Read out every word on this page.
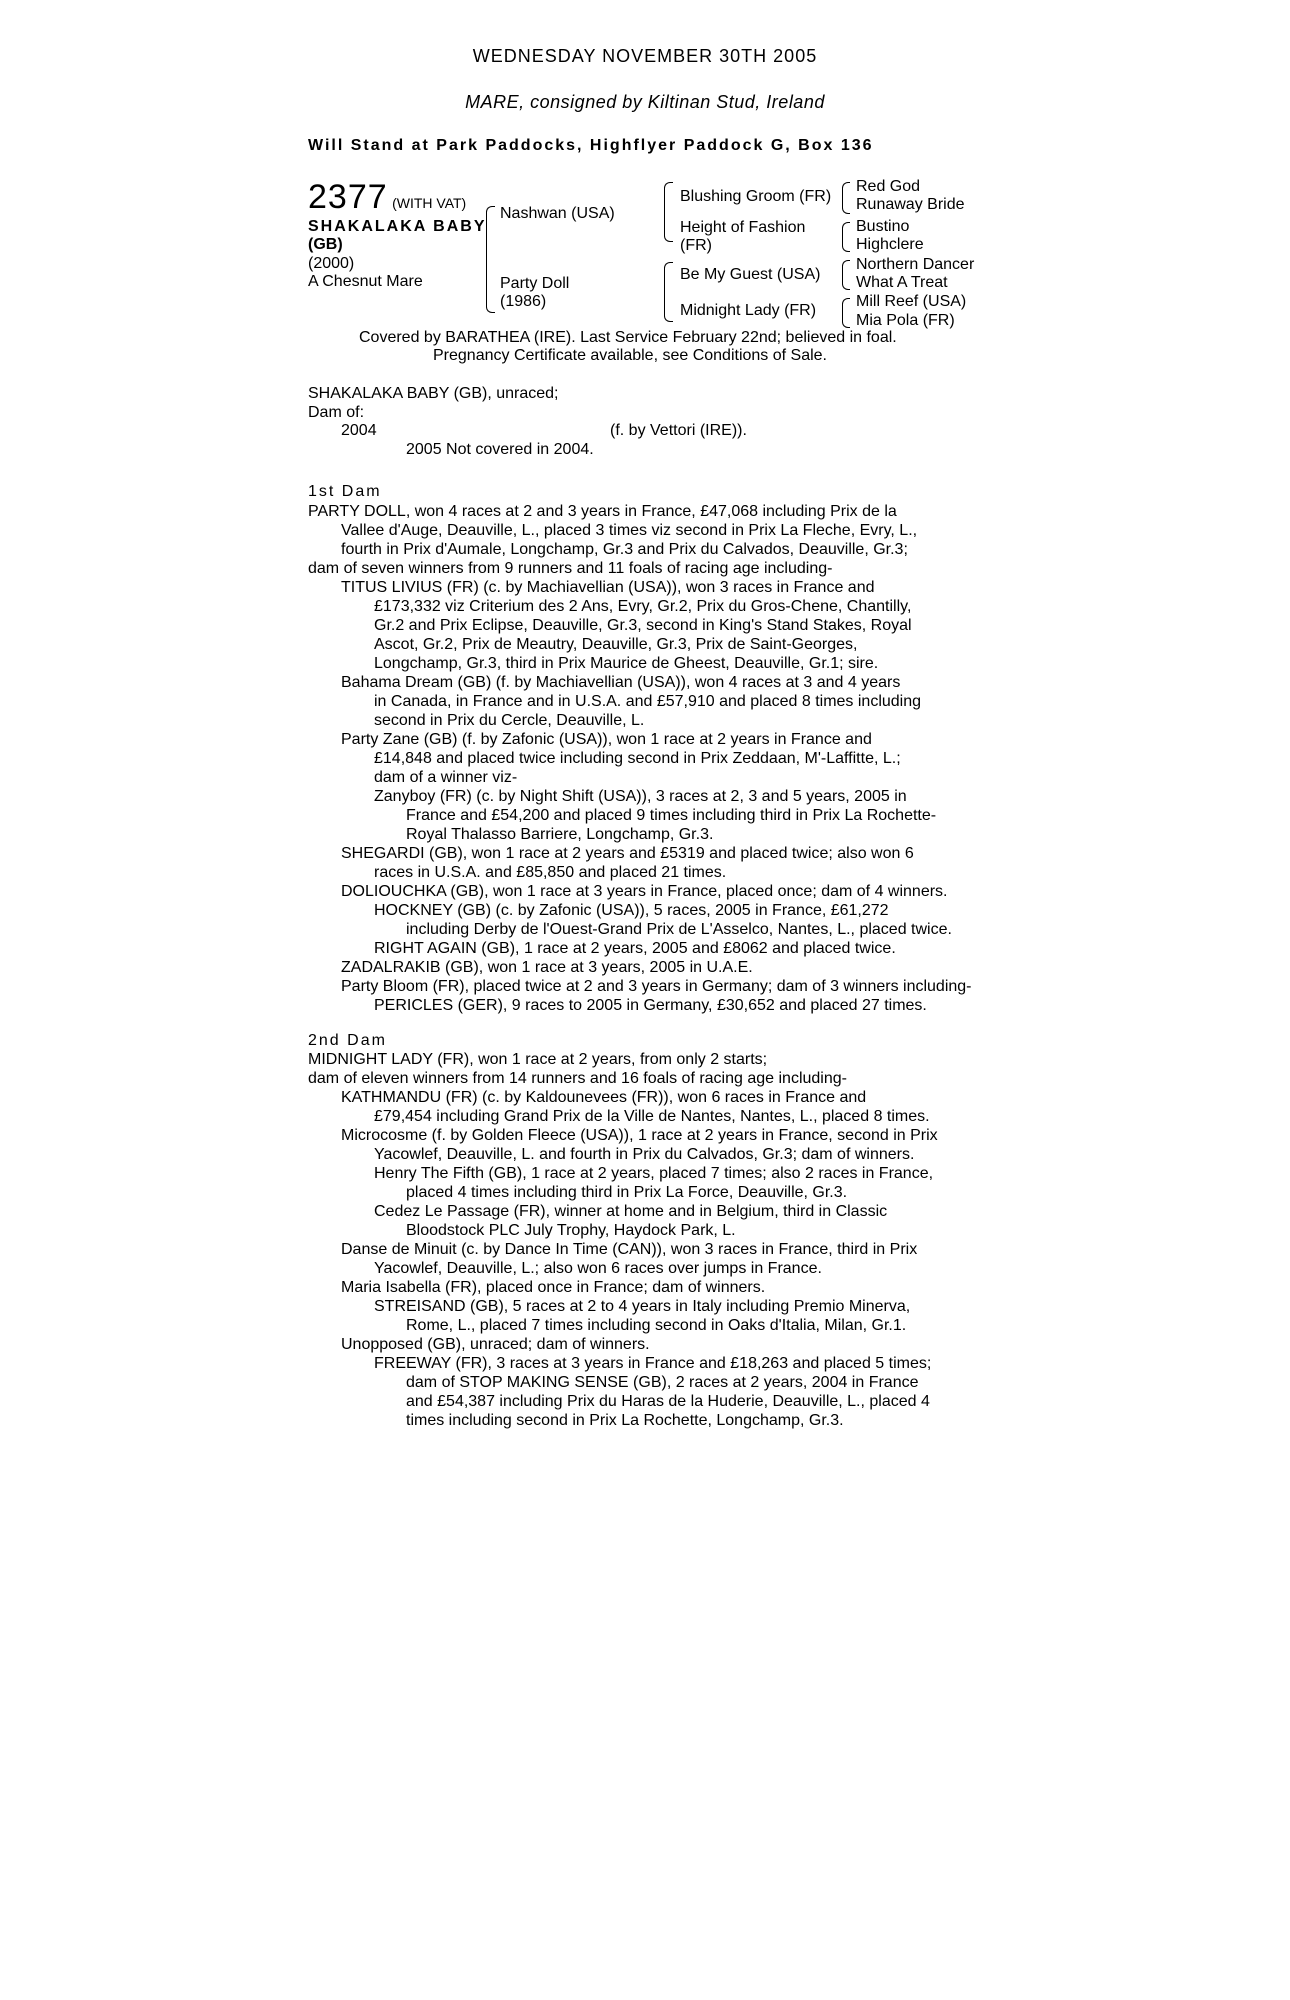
WEDNESDAY NOVEMBER 30TH 2005
MARE, consigned by Kiltinan Stud, Ireland
Will Stand at Park Paddocks, Highflyer Paddock G, Box 136
2377 (WITH VAT)
SHAKALAKA BABY
(GB)
(2000)
A Chesnut Mare
Nashwan (USA)
Party Doll
(1986)
Blushing Groom (FR)
Height of Fashion
(FR)
Be My Guest (USA)
Midnight Lady (FR)
Red God
Runaway Bride
Bustino
Highclere
Northern Dancer
What A Treat
Mill Reef (USA)
Mia Pola (FR)
Covered by BARATHEA (IRE). Last Service February 22nd; believed in foal.
Pregnancy Certificate available, see Conditions of Sale.
SHAKALAKA BABY (GB), unraced;
Dam of:
2004	(f. by Vettori (IRE)).
2005 Not covered in 2004.
1st Dam

PARTY DOLL, won 4 races at 2 and 3 years in France, £47,068 including Prix de la

Vallee d'Auge, Deauville, L., placed 3 times viz second in Prix La Fleche, Evry, L.,

fourth in Prix d'Aumale, Longchamp, Gr.3 and Prix du Calvados, Deauville, Gr.3;

dam of seven winners from 9 runners and 11 foals of racing age including-

TITUS LIVIUS (FR) (c. by Machiavellian (USA)), won 3 races in France and

£173,332 viz Criterium des 2 Ans, Evry, Gr.2, Prix du Gros-Chene, Chantilly,

Gr.2 and Prix Eclipse, Deauville, Gr.3, second in King's Stand Stakes, Royal

Ascot, Gr.2, Prix de Meautry, Deauville, Gr.3, Prix de Saint-Georges,

Longchamp, Gr.3, third in Prix Maurice de Gheest, Deauville, Gr.1; sire.

Bahama Dream (GB) (f. by Machiavellian (USA)), won 4 races at 3 and 4 years

in Canada, in France and in U.S.A. and £57,910 and placed 8 times including

second in Prix du Cercle, Deauville, L.

Party Zane (GB) (f. by Zafonic (USA)), won 1 race at 2 years in France and

£14,848 and placed twice including second in Prix Zeddaan, M'-Laffitte, L.;

dam of a winner viz-

Zanyboy (FR) (c. by Night Shift (USA)), 3 races at 2, 3 and 5 years, 2005 in

France and £54,200 and placed 9 times including third in Prix La Rochette-

Royal Thalasso Barriere, Longchamp, Gr.3.

SHEGARDI (GB), won 1 race at 2 years and £5319 and placed twice; also won 6

races in U.S.A. and £85,850 and placed 21 times.

DOLIOUCHKA (GB), won 1 race at 3 years in France, placed once; dam of 4 winners.

HOCKNEY (GB) (c. by Zafonic (USA)), 5 races, 2005 in France, £61,272

including Derby de l'Ouest-Grand Prix de L'Asselco, Nantes, L., placed twice.

RIGHT AGAIN (GB), 1 race at 2 years, 2005 and £8062 and placed twice.

ZADALRAKIB (GB), won 1 race at 3 years, 2005 in U.A.E.

Party Bloom (FR), placed twice at 2 and 3 years in Germany; dam of 3 winners including-

PERICLES (GER), 9 races to 2005 in Germany, £30,652 and placed 27 times.

2nd Dam

MIDNIGHT LADY (FR), won 1 race at 2 years, from only 2 starts;

dam of eleven winners from 14 runners and 16 foals of racing age including-

KATHMANDU (FR) (c. by Kaldounevees (FR)), won 6 races in France and

£79,454 including Grand Prix de la Ville de Nantes, Nantes, L., placed 8 times.

Microcosme (f. by Golden Fleece (USA)), 1 race at 2 years in France, second in Prix

Yacowlef, Deauville, L. and fourth in Prix du Calvados, Gr.3; dam of winners.

Henry The Fifth (GB), 1 race at 2 years, placed 7 times; also 2 races in France,

placed 4 times including third in Prix La Force, Deauville, Gr.3.

Cedez Le Passage (FR), winner at home and in Belgium, third in Classic

Bloodstock PLC July Trophy, Haydock Park, L.

Danse de Minuit (c. by Dance In Time (CAN)), won 3 races in France, third in Prix

Yacowlef, Deauville, L.; also won 6 races over jumps in France.

Maria Isabella (FR), placed once in France; dam of winners.

STREISAND (GB), 5 races at 2 to 4 years in Italy including Premio Minerva,

Rome, L., placed 7 times including second in Oaks d'Italia, Milan, Gr.1.

Unopposed (GB), unraced; dam of winners.

FREEWAY (FR), 3 races at 3 years in France and £18,263 and placed 5 times;

dam of STOP MAKING SENSE (GB), 2 races at 2 years, 2004 in France

and £54,387 including Prix du Haras de la Huderie, Deauville, L., placed 4

times including second in Prix La Rochette, Longchamp, Gr.3.
